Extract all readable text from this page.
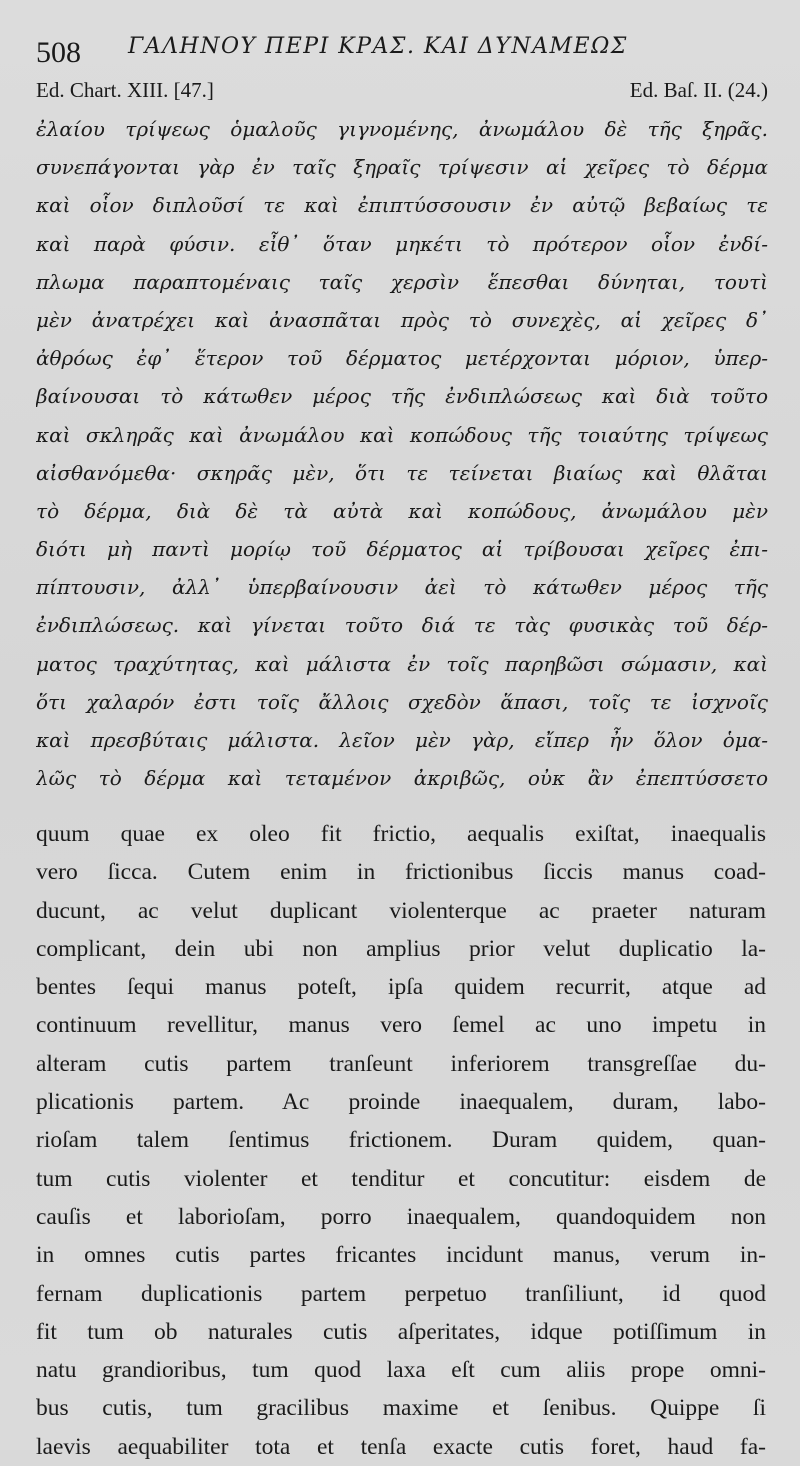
508 ΓΑΛΗΝΟΥ ΠΕΡΙ ΚΡΑΣ. ΚΑΙ ΔΥΝΑΜΕΩΣ
Ed. Chart. XIII. [47.]	Ed. Baſ. II. (24.)
ἐλαίου τρίψεως ὁμαλοῦς γιγνομένης, ἀνωμάλου δὲ τῆς ξηρᾶς.
συνεπάγονται γὰρ ἐν ταῖς ξηραῖς τρίψεσιν αἱ χεῖρες τὸ δέρμα
καὶ οἷον διπλοῦσί τε καὶ ἐπιπτύσσουσιν ἐν αὐτῷ βεβαίως τε
καὶ παρὰ φύσιν. εἶθ᾽ ὅταν μηκέτι τὸ πρότερον οἷον ἐνδί-
πλωμα παραπτομέναις ταῖς χερσὶν ἕπεσθαι δύνηται, τουτὶ
μὲν ἀνατρέχει καὶ ἀνασπᾶται πρὸς τὸ συνεχὲς, αἱ χεῖρες δ᾽
ἀθρόως ἐφ᾽ ἕτερον τοῦ δέρματος μετέρχονται μόριον, ὑπερ-
βαίνουσαι τὸ κάτωθεν μέρος τῆς ἐνδιπλώσεως καὶ διὰ τοῦτο
καὶ σκληρᾶς καὶ ἀνωμάλου καὶ κοπώδους τῆς τοιαύτης τρίψεως
αἰσθανόμεθα· σκηρᾶς μὲν, ὅτι τε τείνεται βιαίως καὶ θλᾶται
τὸ δέρμα, διὰ δὲ τὰ αὐτὰ καὶ κοπώδους, ἀνωμάλου μὲν
διότι μὴ παντὶ μορίῳ τοῦ δέρματος αἱ τρίβουσαι χεῖρες ἐπι-
πίπτουσιν, ἀλλ᾽ ὑπερβαίνουσιν ἀεὶ τὸ κάτωθεν μέρος τῆς
ἐνδιπλώσεως. καὶ γίνεται τοῦτο διά τε τὰς φυσικὰς τοῦ δέρ-
ματος τραχύτητας, καὶ μάλιστα ἐν τοῖς παρηβῶσι σώμασιν, καὶ
ὅτι χαλαρόν ἐστι τοῖς ἄλλοις σχεδὸν ἅπασι, τοῖς τε ἰσχνοῖς
καὶ πρεσβύταις μάλιστα. λεῖον μὲν γὰρ, εἴπερ ἦν ὅλον ὁμα-
λῶς τὸ δέρμα καὶ τεταμένον ἀκριβῶς, οὐκ ἂν ἐπεπτύσσετο
quum quae ex oleo fit frictio, aequalis exiſtat, inaequalis
vero ſicca. Cutem enim in frictionibus ſiccis manus coad-
ducunt, ac velut duplicant violenterque ac praeter naturam
complicant, dein ubi non amplius prior velut duplicatio la-
bentes ſequi manus poteſt, ipſa quidem recurrit, atque ad
continuum revellitur, manus vero ſemel ac uno impetu in
alteram cutis partem tranſeunt inferiorem transgreſſae du-
plicationis partem. Ac proinde inaequalem, duram, labo-
rioſam talem ſentimus frictionem. Duram quidem, quan-
tum cutis violenter et tenditur et concutitur: eisdem de
cauſis et laborioſam, porro inaequalem, quandoquidem non
in omnes cutis partes fricantes incidunt manus, verum in-
fernam duplicationis partem perpetuo tranſiliunt, id quod
fit tum ob naturales cutis aſperitates, idque potiſſimum in
natu grandioribus, tum quod laxa eſt cum aliis prope omni-
bus cutis, tum gracilibus maxime et ſenibus. Quippe ſi
laevis aequabiliter tota et tenſa exacte cutis foret, haud fa-
